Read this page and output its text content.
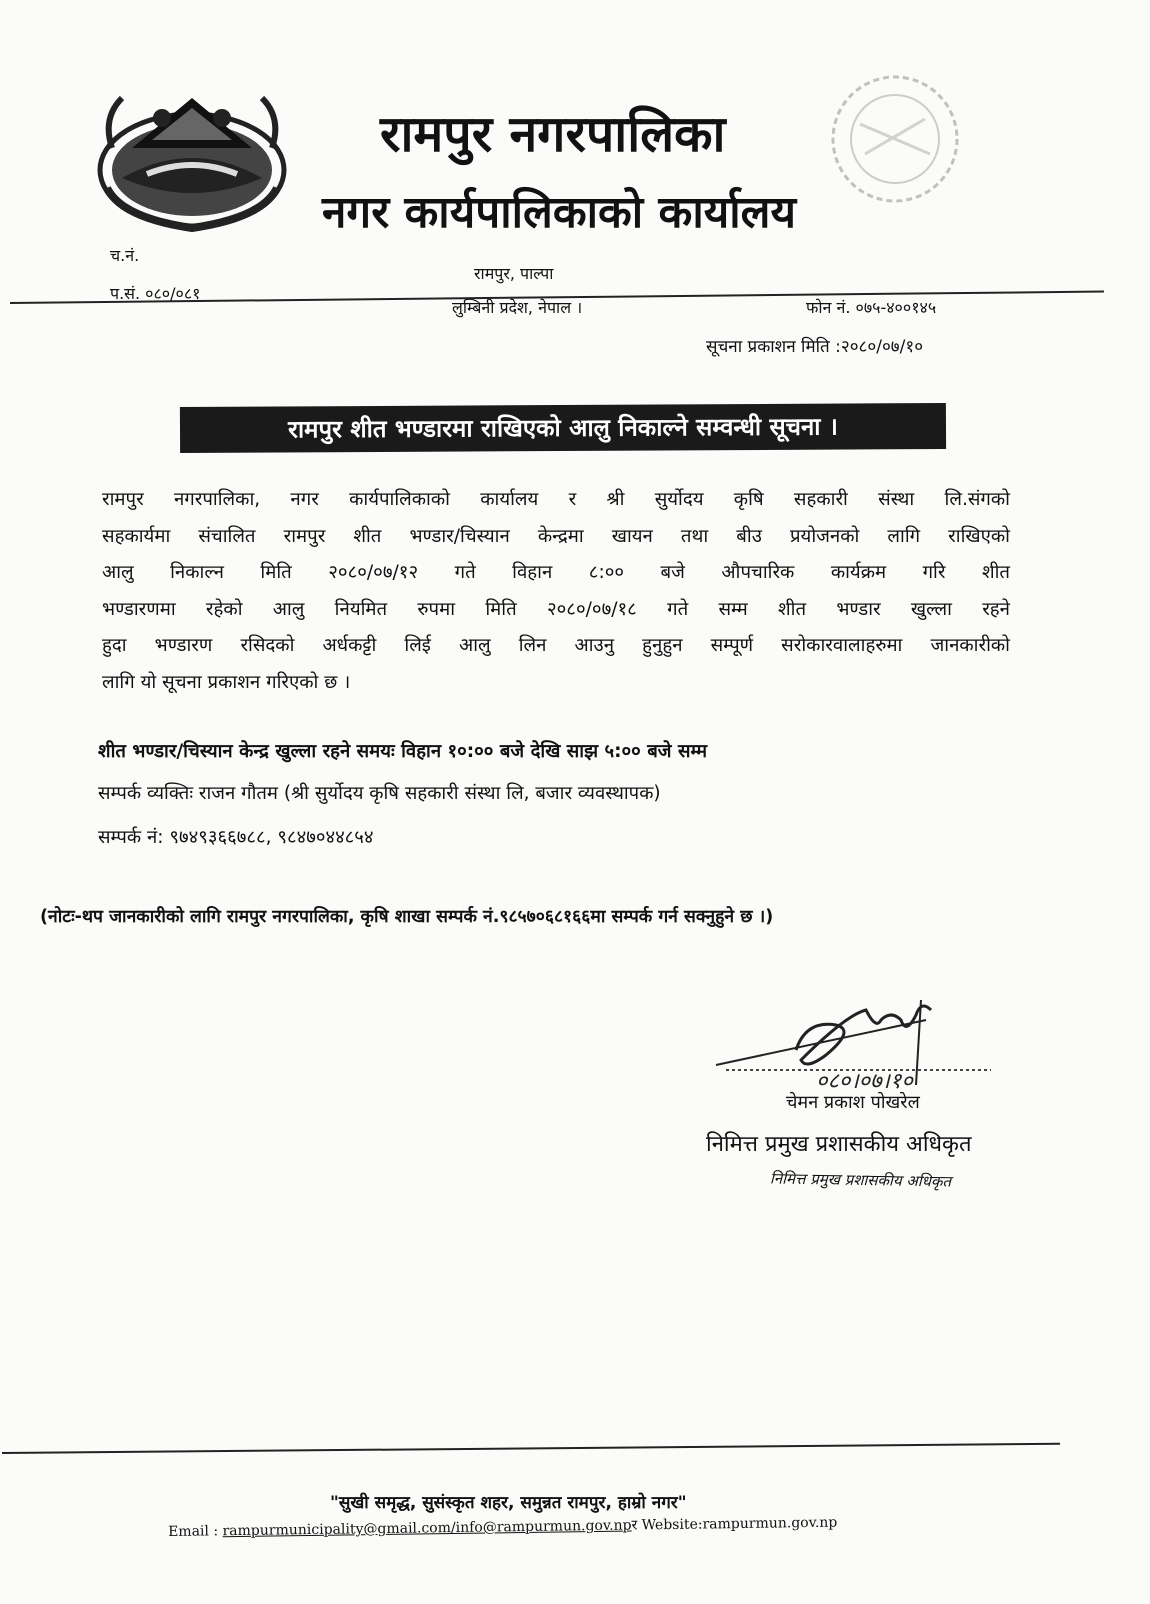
रामपुर नगरपालिका
नगर कार्यपालिकाको कार्यालय
च.नं.
प.सं. ०८०/०८१
रामपुर, पाल्पा
लुम्बिनी प्रदेश, नेपाल ।	फोन नं. ०७५-४००१४५
सूचना प्रकाशन मिति :२०८०/०७/१०
रामपुर शीत भण्डारमा राखिएको आलु निकाल्ने सम्वन्धी सूचना ।
रामपुर नगरपालिका, नगर कार्यपालिकाको कार्यालय र श्री सुर्योदय कृषि सहकारी संस्था लि.संगको
सहकार्यमा संचालित रामपुर शीत भण्डार/चिस्यान केन्द्रमा खायन तथा बीउ प्रयोजनको लागि राखिएको
आलु निकाल्न मिति २०८०/०७/१२ गते विहान ८:०० बजे औपचारिक कार्यक्रम गरि शीत
भण्डारणमा रहेको आलु नियमित रुपमा मिति २०८०/०७/१८ गते सम्म शीत भण्डार खुल्ला रहने
हुदा भण्डारण रसिदको अर्धकट्टी लिई आलु लिन आउनु हुनुहुन सम्पूर्ण सरोकारवालाहरुमा जानकारीको
लागि यो सूचना प्रकाशन गरिएको छ ।
शीत भण्डार/चिस्यान केन्द्र खुल्ला रहने समयः विहान १०:०० बजे देखि साझ ५:०० बजे सम्म
सम्पर्क व्यक्तिः राजन गौतम (श्री सुर्योदय कृषि सहकारी संस्था लि, बजार व्यवस्थापक)
सम्पर्क नं: ९७४९३६६७८८, ९८४७०४४८५४
(नोटः-थप जानकारीको लागि रामपुर नगरपालिका, कृषि शाखा सम्पर्क नं.९८५७०६८१६६मा सम्पर्क गर्न सक्नुहुने छ ।)
०८०।०७।१०
चेमन प्रकाश पोखरेल
निमित्त प्रमुख प्रशासकीय अधिकृत
निमित्त प्रमुख प्रशासकीय अधिकृत
"सुखी समृद्ध, सुसंस्कृत शहर, समुन्नत रामपुर, हाम्रो नगर"
Email : rampurmunicipality@gmail.com/info@rampurmun.gov.npर Website:rampurmun.gov.np
